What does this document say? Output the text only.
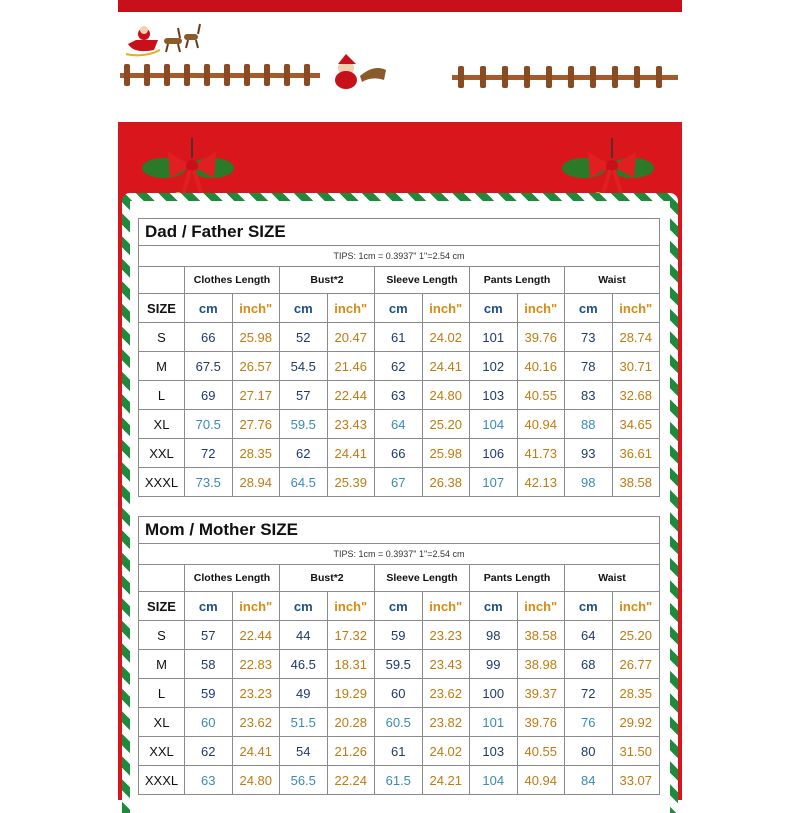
Dad / Father SIZE										
TIPS: 1cm = 0.3937" 1"=2.54 cm										
	Clothes Length		Bust*2		Sleeve Length		Pants Length		Waist	
SIZE	cm	inch"	cm	inch"	cm	inch"	cm	inch"	cm	inch"
S	66	25.98	52	20.47	61	24.02	101	39.76	73	28.74
M	67.5	26.57	54.5	21.46	62	24.41	102	40.16	78	30.71
L	69	27.17	57	22.44	63	24.80	103	40.55	83	32.68
XL	70.5	27.76	59.5	23.43	64	25.20	104	40.94	88	34.65
XXL	72	28.35	62	24.41	66	25.98	106	41.73	93	36.61
XXXL	73.5	28.94	64.5	25.39	67	26.38	107	42.13	98	38.58
Mom / Mother SIZE										
TIPS: 1cm = 0.3937" 1"=2.54 cm										
	Clothes Length		Bust*2		Sleeve Length		Pants Length		Waist	
SIZE	cm	inch"	cm	inch"	cm	inch"	cm	inch"	cm	inch"
S	57	22.44	44	17.32	59	23.23	98	38.58	64	25.20
M	58	22.83	46.5	18.31	59.5	23.43	99	38.98	68	26.77
L	59	23.23	49	19.29	60	23.62	100	39.37	72	28.35
XL	60	23.62	51.5	20.28	60.5	23.82	101	39.76	76	29.92
XXL	62	24.41	54	21.26	61	24.02	103	40.55	80	31.50
XXXL	63	24.80	56.5	22.24	61.5	24.21	104	40.94	84	33.07
